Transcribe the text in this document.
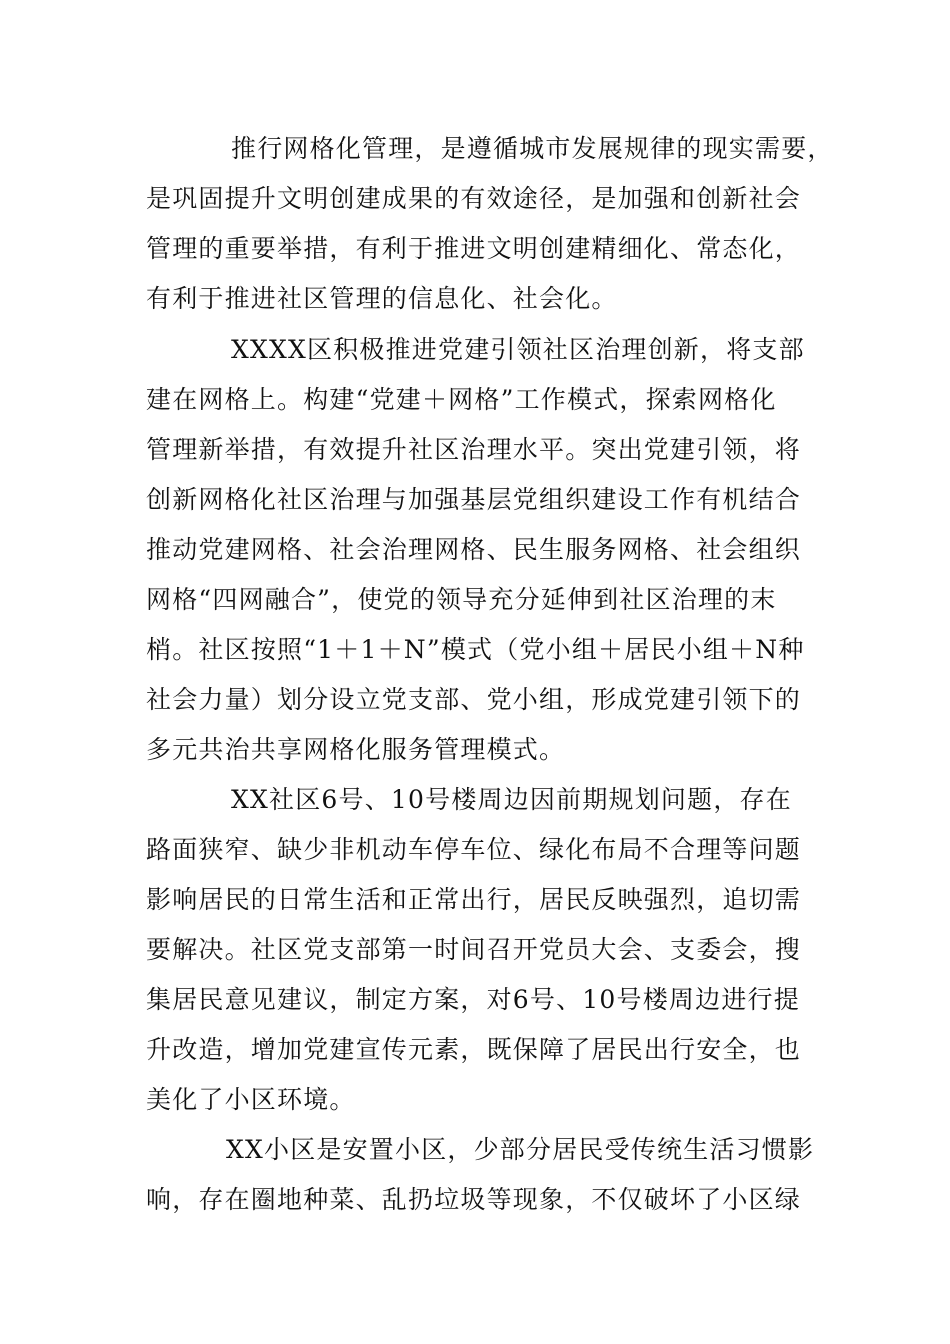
推行网格化管理，是遵循城市发展规律的现实需要，
是巩固提升文明创建成果的有效途径，是加强和创新社会
管理的重要举措，有利于推进文明创建精细化、常态化，
有利于推进社区管理的信息化、社会化。
XXXX区积极推进党建引领社区治理创新，将支部
建在网格上。构建“党建＋网格”工作模式，探索网格化
管理新举措，有效提升社区治理水平。突出党建引领，将
创新网格化社区治理与加强基层党组织建设工作有机结合
推动党建网格、社会治理网格、民生服务网格、社会组织
网格“四网融合”，使党的领导充分延伸到社区治理的末
梢。社区按照“1＋1＋N”模式（党小组＋居民小组＋N种
社会力量）划分设立党支部、党小组，形成党建引领下的
多元共治共享网格化服务管理模式。
XX社区6号、10号楼周边因前期规划问题，存在
路面狭窄、缺少非机动车停车位、绿化布局不合理等问题
影响居民的日常生活和正常出行，居民反映强烈，追切需
要解决。社区党支部第一时间召开党员大会、支委会，搜
集居民意见建议，制定方案，对6号、10号楼周边进行提
升改造，增加党建宣传元素，既保障了居民出行安全，也
美化了小区环境。
XX小区是安置小区，少部分居民受传统生活习惯影
响，存在圈地种菜、乱扔垃圾等现象，不仅破坏了小区绿
